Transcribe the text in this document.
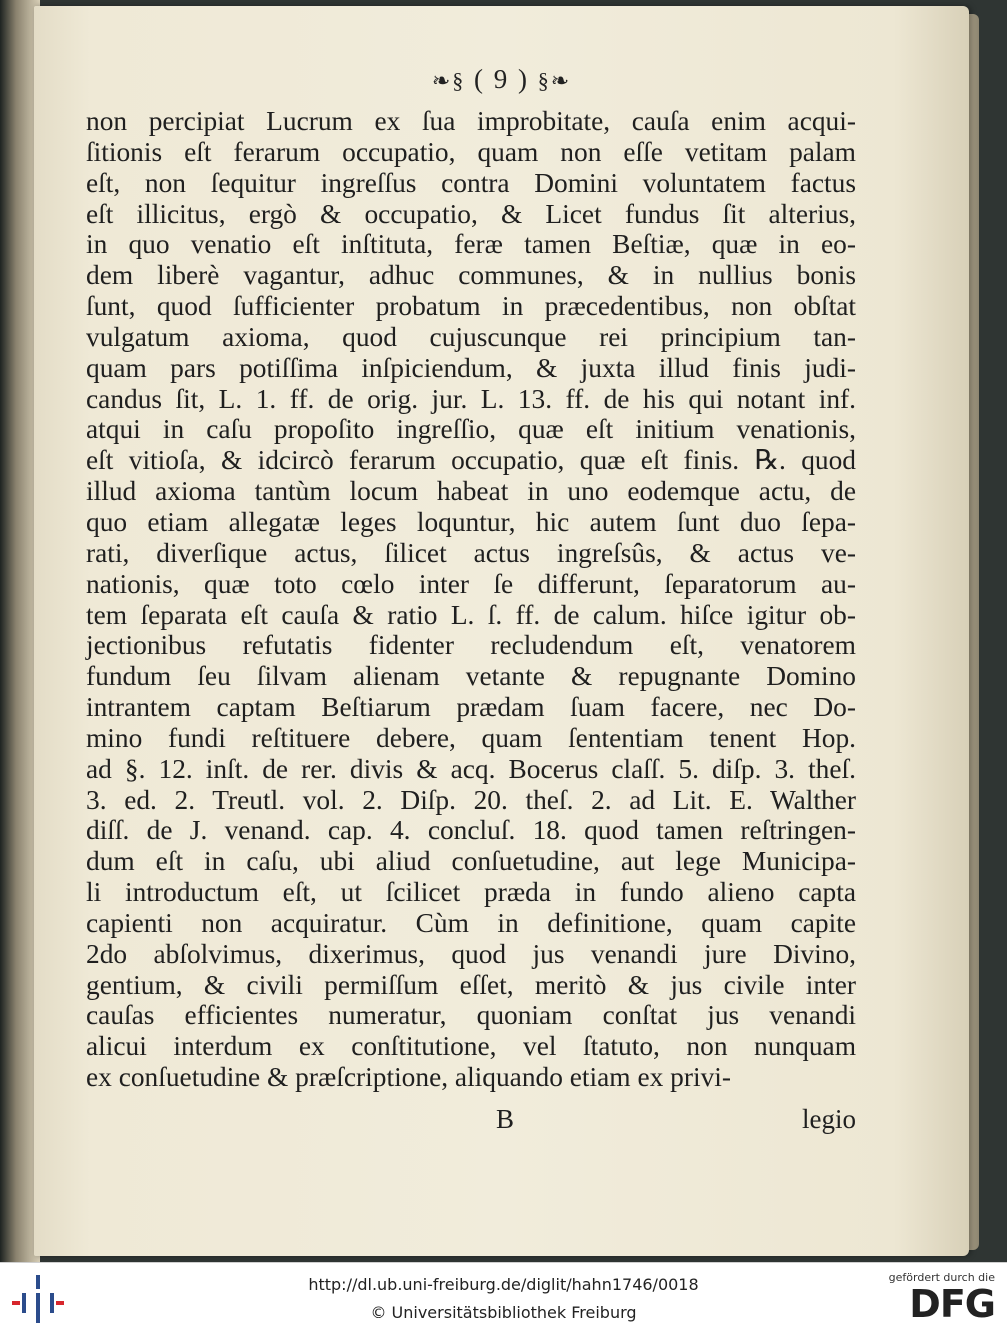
❧§ ( 9 ) §❧
non percipiat Lucrum ex ſua improbitate, cauſa enim acqui-
ſitionis eſt ferarum occupatio, quam non eſſe vetitam palam
eſt, non ſequitur ingreſſus contra Domini voluntatem factus
eſt illicitus, ergò & occupatio, & Licet fundus ſit alterius,
in quo venatio eſt inſtituta, feræ tamen Beſtiæ, quæ in eo-
dem liberè vagantur, adhuc communes, & in nullius bonis
ſunt, quod ſufficienter probatum in præcedentibus, non obſtat
vulgatum axioma, quod cujuscunque rei principium tan-
quam pars potiſſima inſpiciendum, & juxta illud finis judi-
candus ſit, L. 1. ff. de orig. jur. L. 13. ff. de his qui notant inf.
atqui in caſu propoſito ingreſſio, quæ eſt initium venationis,
eſt vitioſa, & idcircò ferarum occupatio, quæ eſt finis. ℞. quod
illud axioma tantùm locum habeat in uno eodemque actu, de
quo etiam allegatæ leges loquntur, hic autem ſunt duo ſepa-
rati, diverſique actus, ſilicet actus ingreſsûs, & actus ve-
nationis, quæ toto cœlo inter ſe differunt, ſeparatorum au-
tem ſeparata eſt cauſa & ratio L. ſ. ff. de calum. hiſce igitur ob-
jectionibus refutatis fidenter recludendum eſt, venatorem
fundum ſeu ſilvam alienam vetante & repugnante Domino
intrantem captam Beſtiarum prædam ſuam facere, nec Do-
mino fundi reſtituere debere, quam ſententiam tenent Hop.
ad §. 12. inſt. de rer. divis & acq. Bocerus claſſ. 5. diſp. 3. theſ.
3. ed. 2. Treutl. vol. 2. Diſp. 20. theſ. 2. ad Lit. E. Walther
diſſ. de J. venand. cap. 4. concluſ. 18. quod tamen reſtringen-
dum eſt in caſu, ubi aliud conſuetudine, aut lege Municipa-
li introductum eſt, ut ſcilicet præda in fundo alieno capta
capienti non acquiratur. Cùm in definitione, quam capite
2do abſolvimus, dixerimus, quod jus venandi jure Divino,
gentium, & civili permiſſum eſſet, meritò & jus civile inter
cauſas efficientes numeratur, quoniam conſtat jus venandi
alicui interdum ex conſtitutione, vel ſtatuto, non nunquam
ex conſuetudine & præſcriptione, aliquando etiam ex privi-
B	legio
http://dl.ub.uni-freiburg.de/diglit/hahn1746/0018
© Universitätsbibliothek Freiburg
gefördert durch die
DFG
